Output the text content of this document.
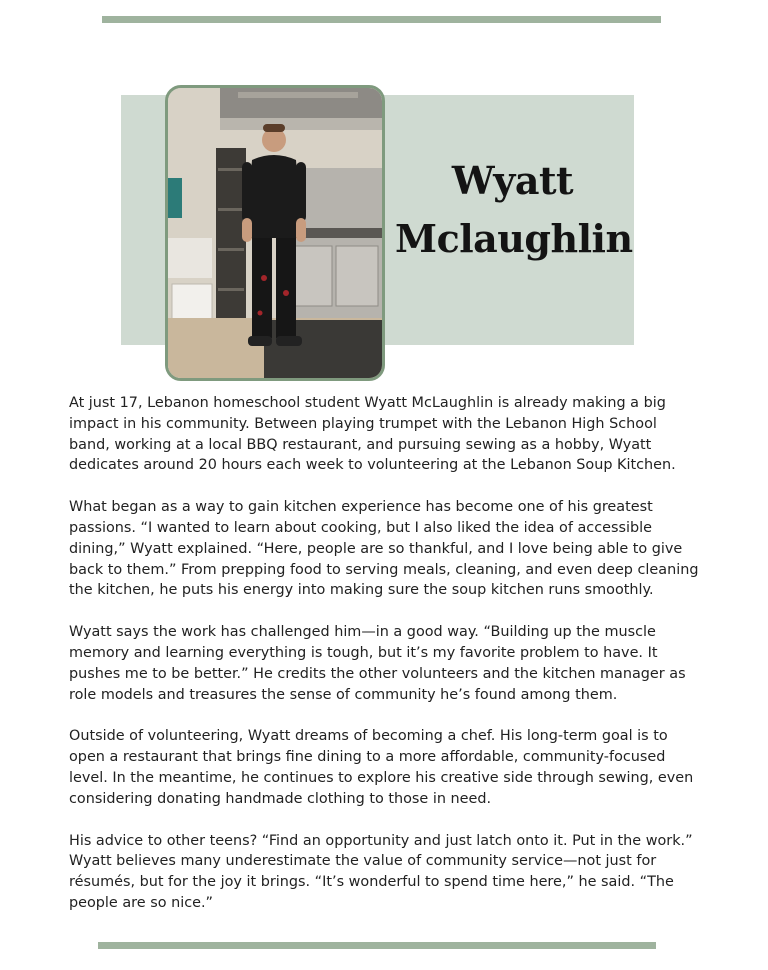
Wyatt
Mclaughlin

At just 17, Lebanon homeschool student Wyatt McLaughlin is already making a big
impact in his community. Between playing trumpet with the Lebanon High School
band, working at a local BBQ restaurant, and pursuing sewing as a hobby, Wyatt
dedicates around 20 hours each week to volunteering at the Lebanon Soup Kitchen.

What began as a way to gain kitchen experience has become one of his greatest
passions. “I wanted to learn about cooking, but I also liked the idea of accessible
dining,” Wyatt explained. “Here, people are so thankful, and I love being able to give
back to them.” From prepping food to serving meals, cleaning, and even deep cleaning
the kitchen, he puts his energy into making sure the soup kitchen runs smoothly.

Wyatt says the work has challenged him—in a good way. “Building up the muscle
memory and learning everything is tough, but it’s my favorite problem to have. It
pushes me to be better.” He credits the other volunteers and the kitchen manager as
role models and treasures the sense of community he’s found among them.

Outside of volunteering, Wyatt dreams of becoming a chef. His long-term goal is to
open a restaurant that brings fine dining to a more affordable, community-focused
level. In the meantime, he continues to explore his creative side through sewing, even
considering donating handmade clothing to those in need.

His advice to other teens? “Find an opportunity and just latch onto it. Put in the work.”
Wyatt believes many underestimate the value of community service—not just for
résumés, but for the joy it brings. “It’s wonderful to spend time here,” he said. “The
people are so nice.”
